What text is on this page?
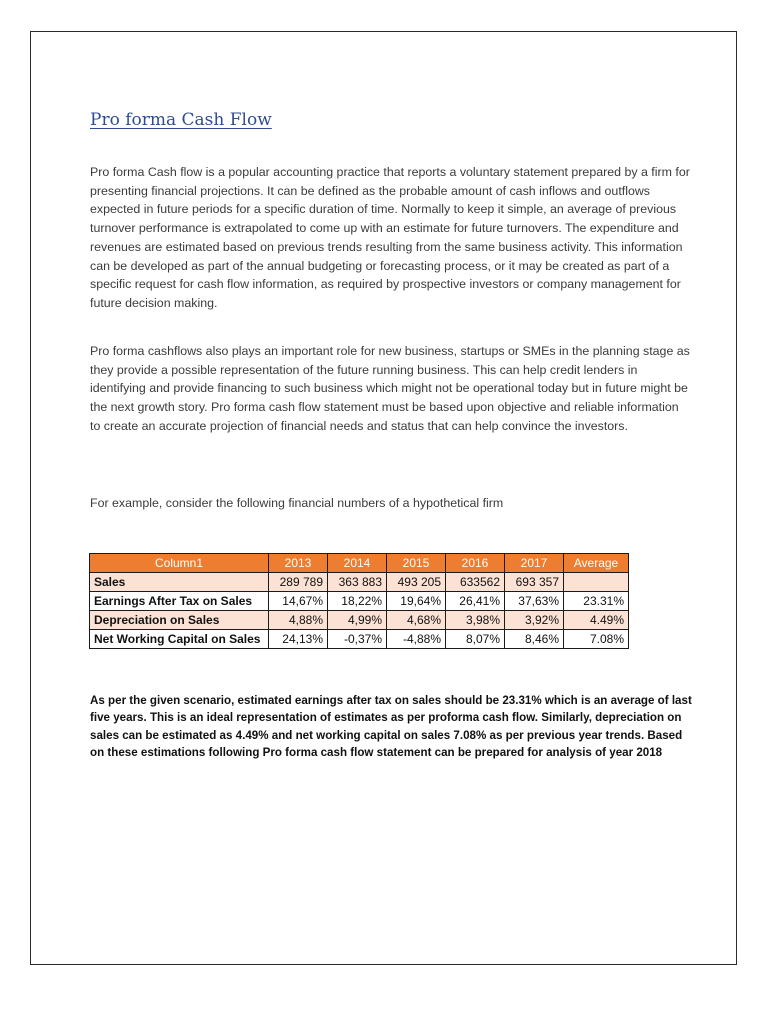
Pro forma Cash Flow

Pro forma Cash flow is a popular accounting practice that reports a voluntary statement prepared by a firm for presenting financial projections. It can be defined as the probable amount of cash inflows and outflows expected in future periods for a specific duration of time. Normally to keep it simple, an average of previous turnover performance is extrapolated to come up with an estimate for future turnovers. The expenditure and revenues are estimated based on previous trends resulting from the same business activity. This information can be developed as part of the annual budgeting or forecasting process, or it may be created as part of a specific request for cash flow information, as required by prospective investors or company management for future decision making.

Pro forma cashflows also plays an important role for new business, startups or SMEs in the planning stage as they provide a possible representation of the future running business. This can help credit lenders in identifying and provide financing to such business which might not be operational today but in future might be the next growth story. Pro forma cash flow statement must be based upon objective and reliable information to create an accurate projection of financial needs and status that can help convince the investors.

For example, consider the following financial numbers of a hypothetical firm

Column1	2013	2014	2015	2016	2017	Average
Sales	289 789	363 883	493 205	633562	693 357	
Earnings After Tax on Sales	14,67%	18,22%	19,64%	26,41%	37,63%	23.31%
Depreciation on Sales	4,88%	4,99%	4,68%	3,98%	3,92%	4.49%
Net Working Capital on Sales	24,13%	-0,37%	-4,88%	8,07%	8,46%	7.08%

As per the given scenario, estimated earnings after tax on sales should be 23.31% which is an average of last five years. This is an ideal representation of estimates as per proforma cash flow. Similarly, depreciation on sales can be estimated as 4.49% and net working capital on sales 7.08% as per previous year trends. Based on these estimations following Pro forma cash flow statement can be prepared for analysis of year 2018
